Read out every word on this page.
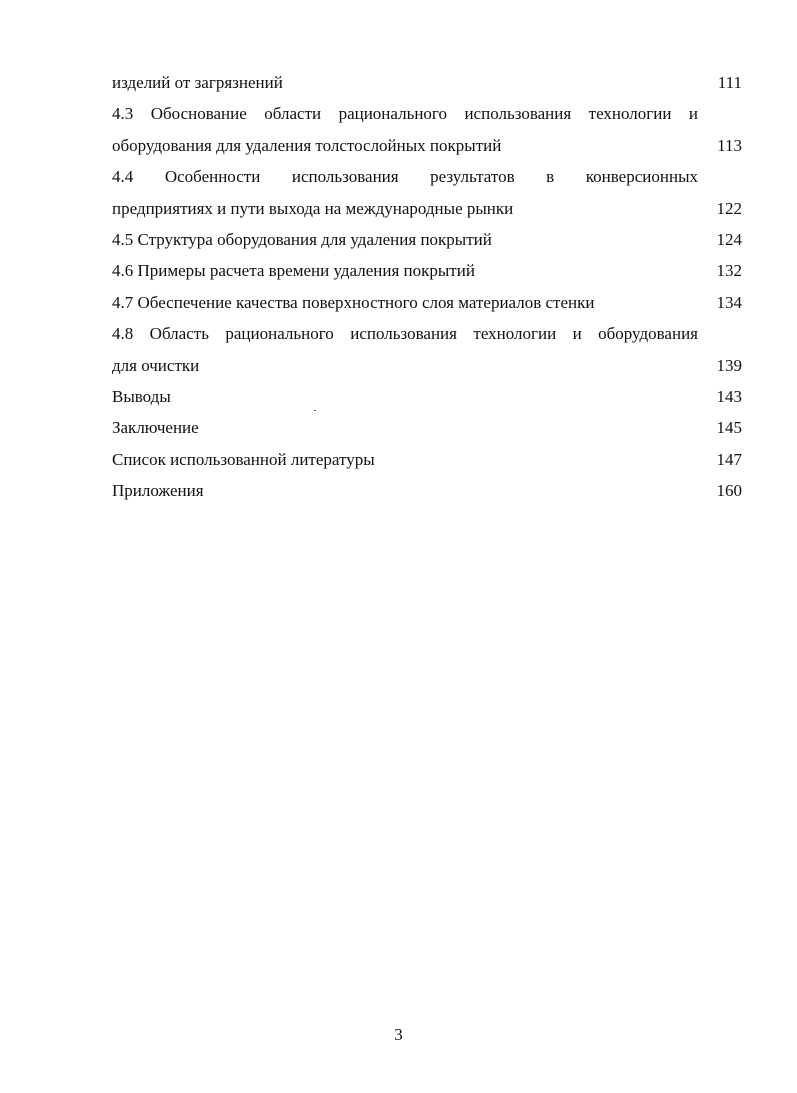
изделий от загрязнений	111
4.3 Обоснование области рационального использования технологии и
оборудования для удаления толстослойных покрытий	113
4.4 Особенности использования результатов в конверсионных
предприятиях и пути выхода на международные рынки	122
4.5 Структура оборудования для удаления покрытий	124
4.6 Примеры расчета времени удаления покрытий	132
4.7 Обеспечение качества поверхностного слоя материалов стенки	134
4.8 Область рационального использования технологии и оборудования
для очистки	139
Выводы	143
Заключение	145
Список использованной литературы	147
Приложения	160
3
